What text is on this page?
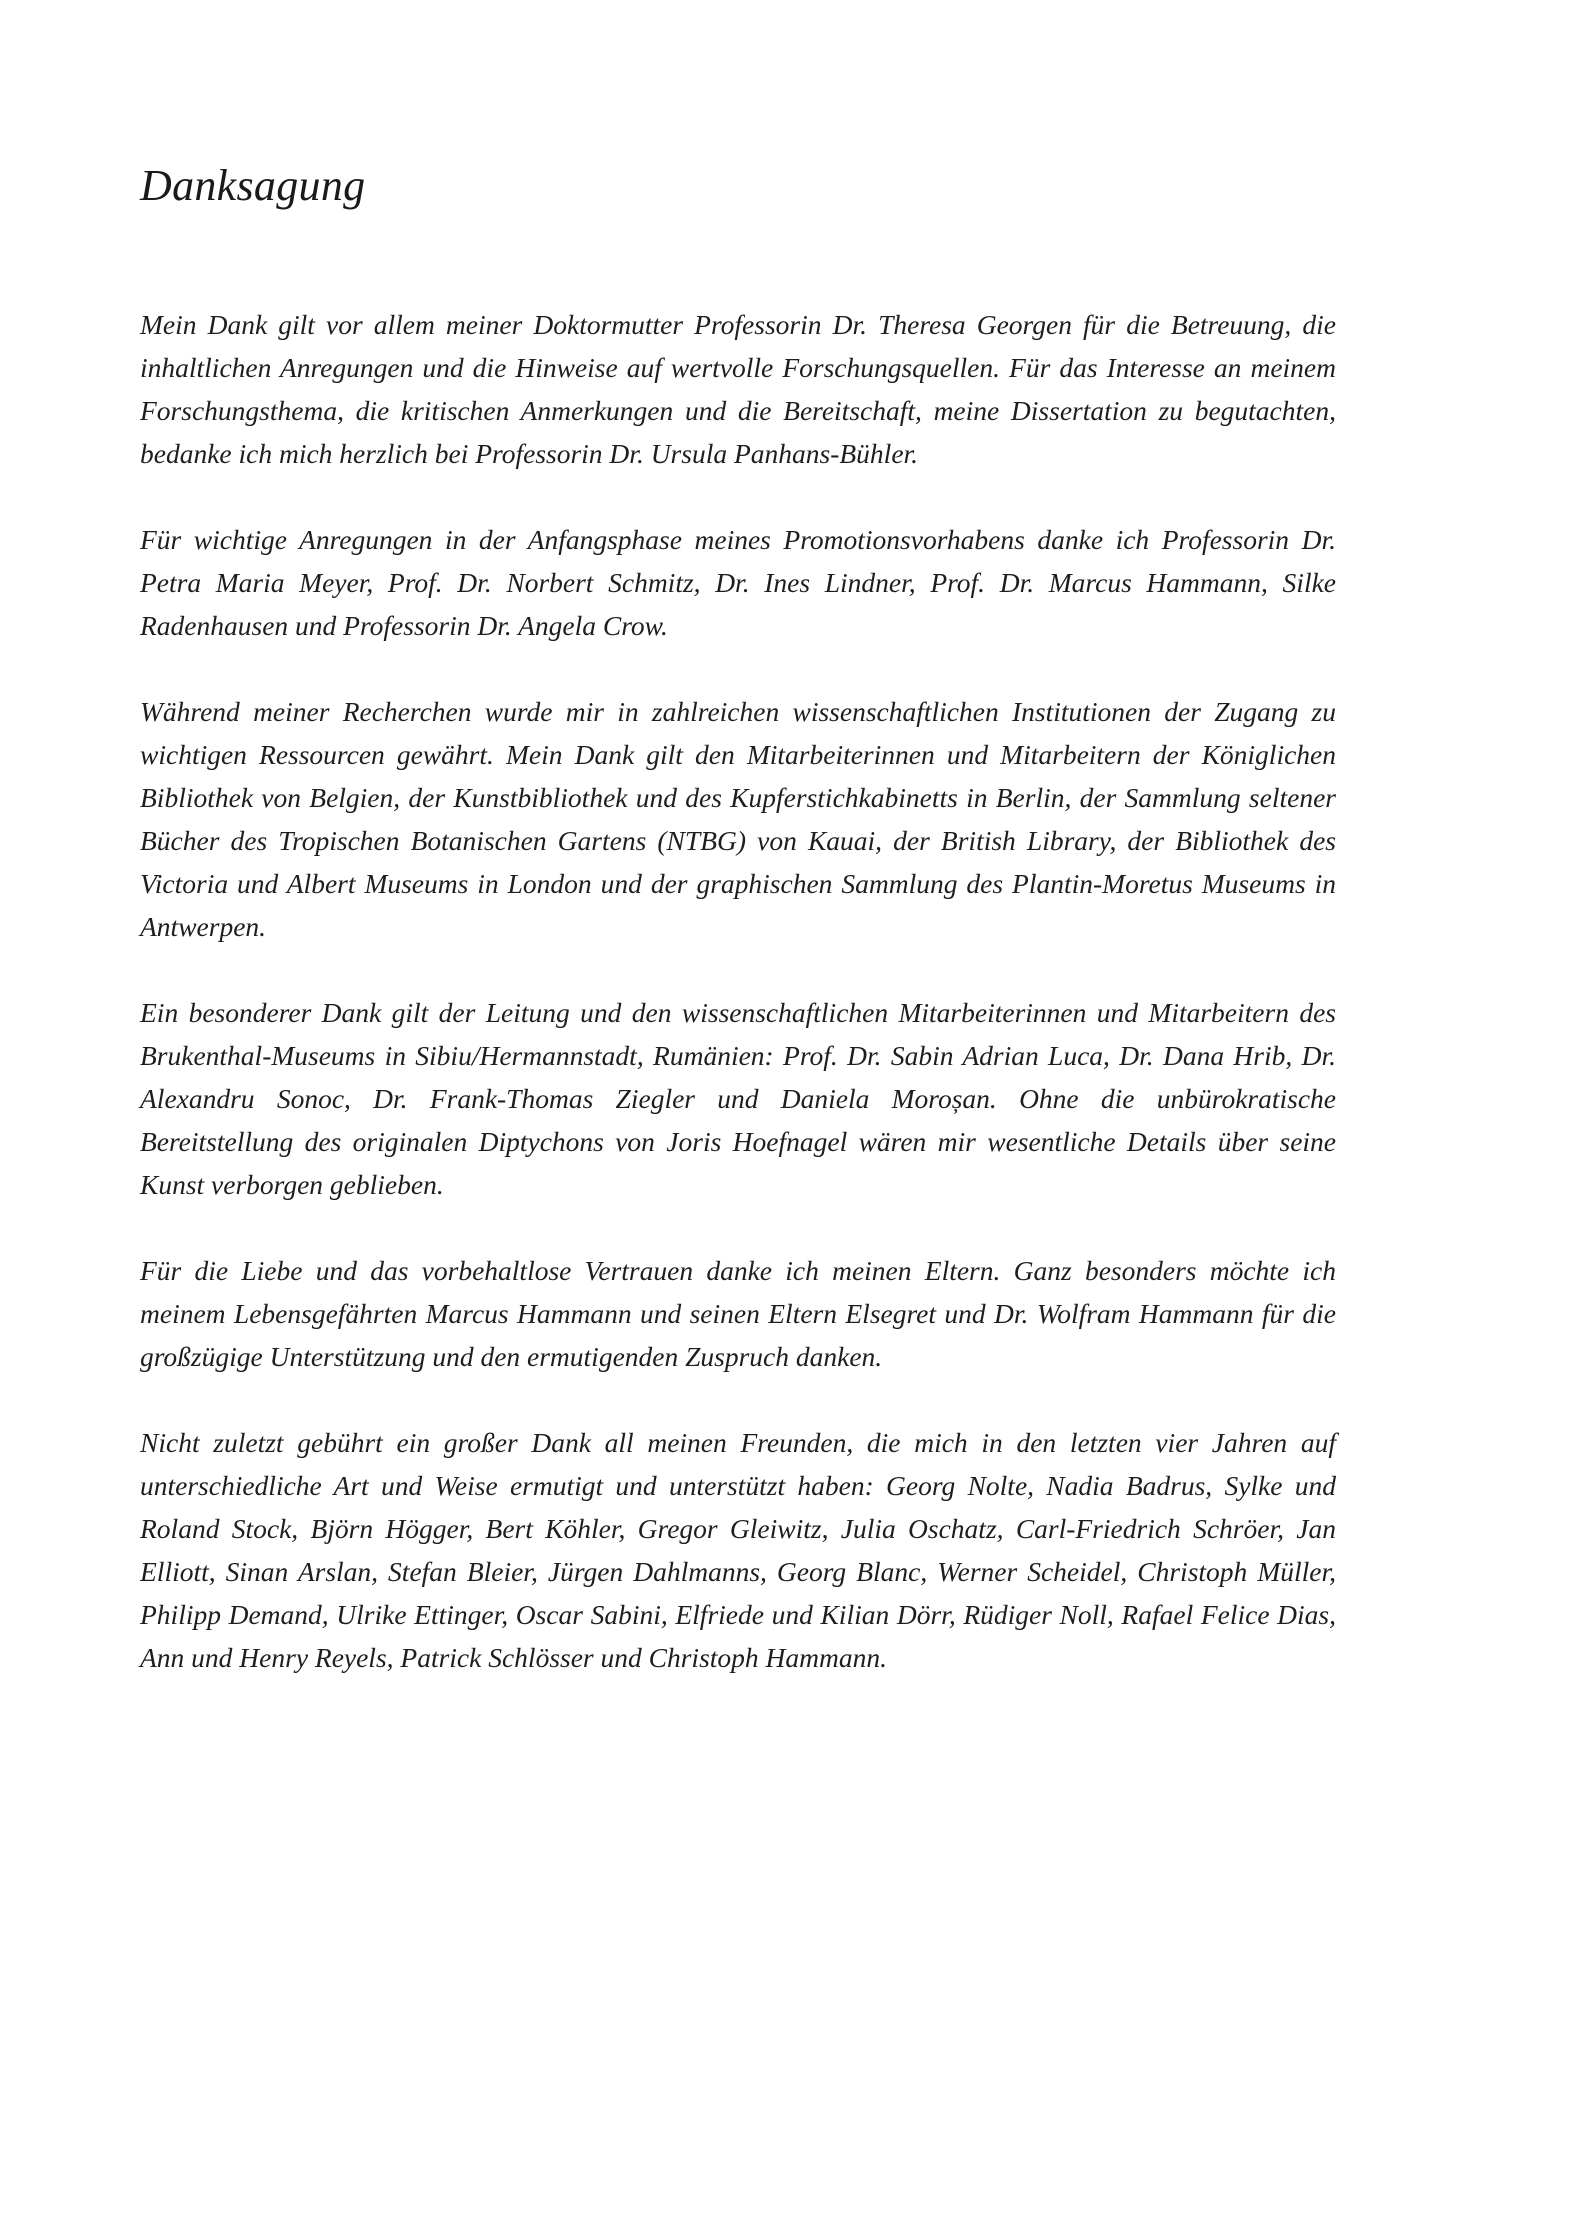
Danksagung

Mein Dank gilt vor allem meiner Doktormutter Professorin Dr. Theresa Georgen für die Betreuung, die inhaltlichen Anregungen und die Hinweise auf wertvolle Forschungsquellen. Für das Interesse an meinem Forschungsthema, die kritischen Anmerkungen und die Bereitschaft, meine Dissertation zu begutachten, bedanke ich mich herzlich bei Professorin Dr. Ursula Panhans-Bühler.

Für wichtige Anregungen in der Anfangsphase meines Promotionsvorhabens danke ich Professorin Dr. Petra Maria Meyer, Prof. Dr. Norbert Schmitz, Dr. Ines Lindner, Prof. Dr. Marcus Hammann, Silke Radenhausen und Professorin Dr. Angela Crow.

Während meiner Recherchen wurde mir in zahlreichen wissenschaftlichen Institutionen der Zugang zu wichtigen Ressourcen gewährt. Mein Dank gilt den Mitarbeiterinnen und Mitarbeitern der Königlichen Bibliothek von Belgien, der Kunstbibliothek und des Kupferstichkabinetts in Berlin, der Sammlung seltener Bücher des Tropischen Botanischen Gartens (NTBG) von Kauai, der British Library, der Bibliothek des Victoria und Albert Museums in London und der graphischen Sammlung des Plantin-Moretus Museums in Antwerpen.

Ein besonderer Dank gilt der Leitung und den wissenschaftlichen Mitarbeiterinnen und Mitarbeitern des Brukenthal-Museums in Sibiu/Hermannstadt, Rumänien: Prof. Dr. Sabin Adrian Luca, Dr. Dana Hrib, Dr. Alexandru Sonoc, Dr. Frank-Thomas Ziegler und Daniela Moroșan. Ohne die unbürokratische Bereitstellung des originalen Diptychons von Joris Hoefnagel wären mir wesentliche Details über seine Kunst verborgen geblieben.

Für die Liebe und das vorbehaltlose Vertrauen danke ich meinen Eltern. Ganz besonders möchte ich meinem Lebensgefährten Marcus Hammann und seinen Eltern Elsegret und Dr. Wolfram Hammann für die großzügige Unterstützung und den ermutigenden Zuspruch danken.

Nicht zuletzt gebührt ein großer Dank all meinen Freunden, die mich in den letzten vier Jahren auf unterschiedliche Art und Weise ermutigt und unterstützt haben: Georg Nolte, Nadia Badrus, Sylke und Roland Stock, Björn Högger, Bert Köhler, Gregor Gleiwitz, Julia Oschatz, Carl-Friedrich Schröer, Jan Elliott, Sinan Arslan, Stefan Bleier, Jürgen Dahlmanns, Georg Blanc, Werner Scheidel, Christoph Müller, Philipp Demand, Ulrike Ettinger, Oscar Sabini, Elfriede und Kilian Dörr, Rüdiger Noll, Rafael Felice Dias, Ann und Henry Reyels, Patrick Schlösser und Christoph Hammann.
